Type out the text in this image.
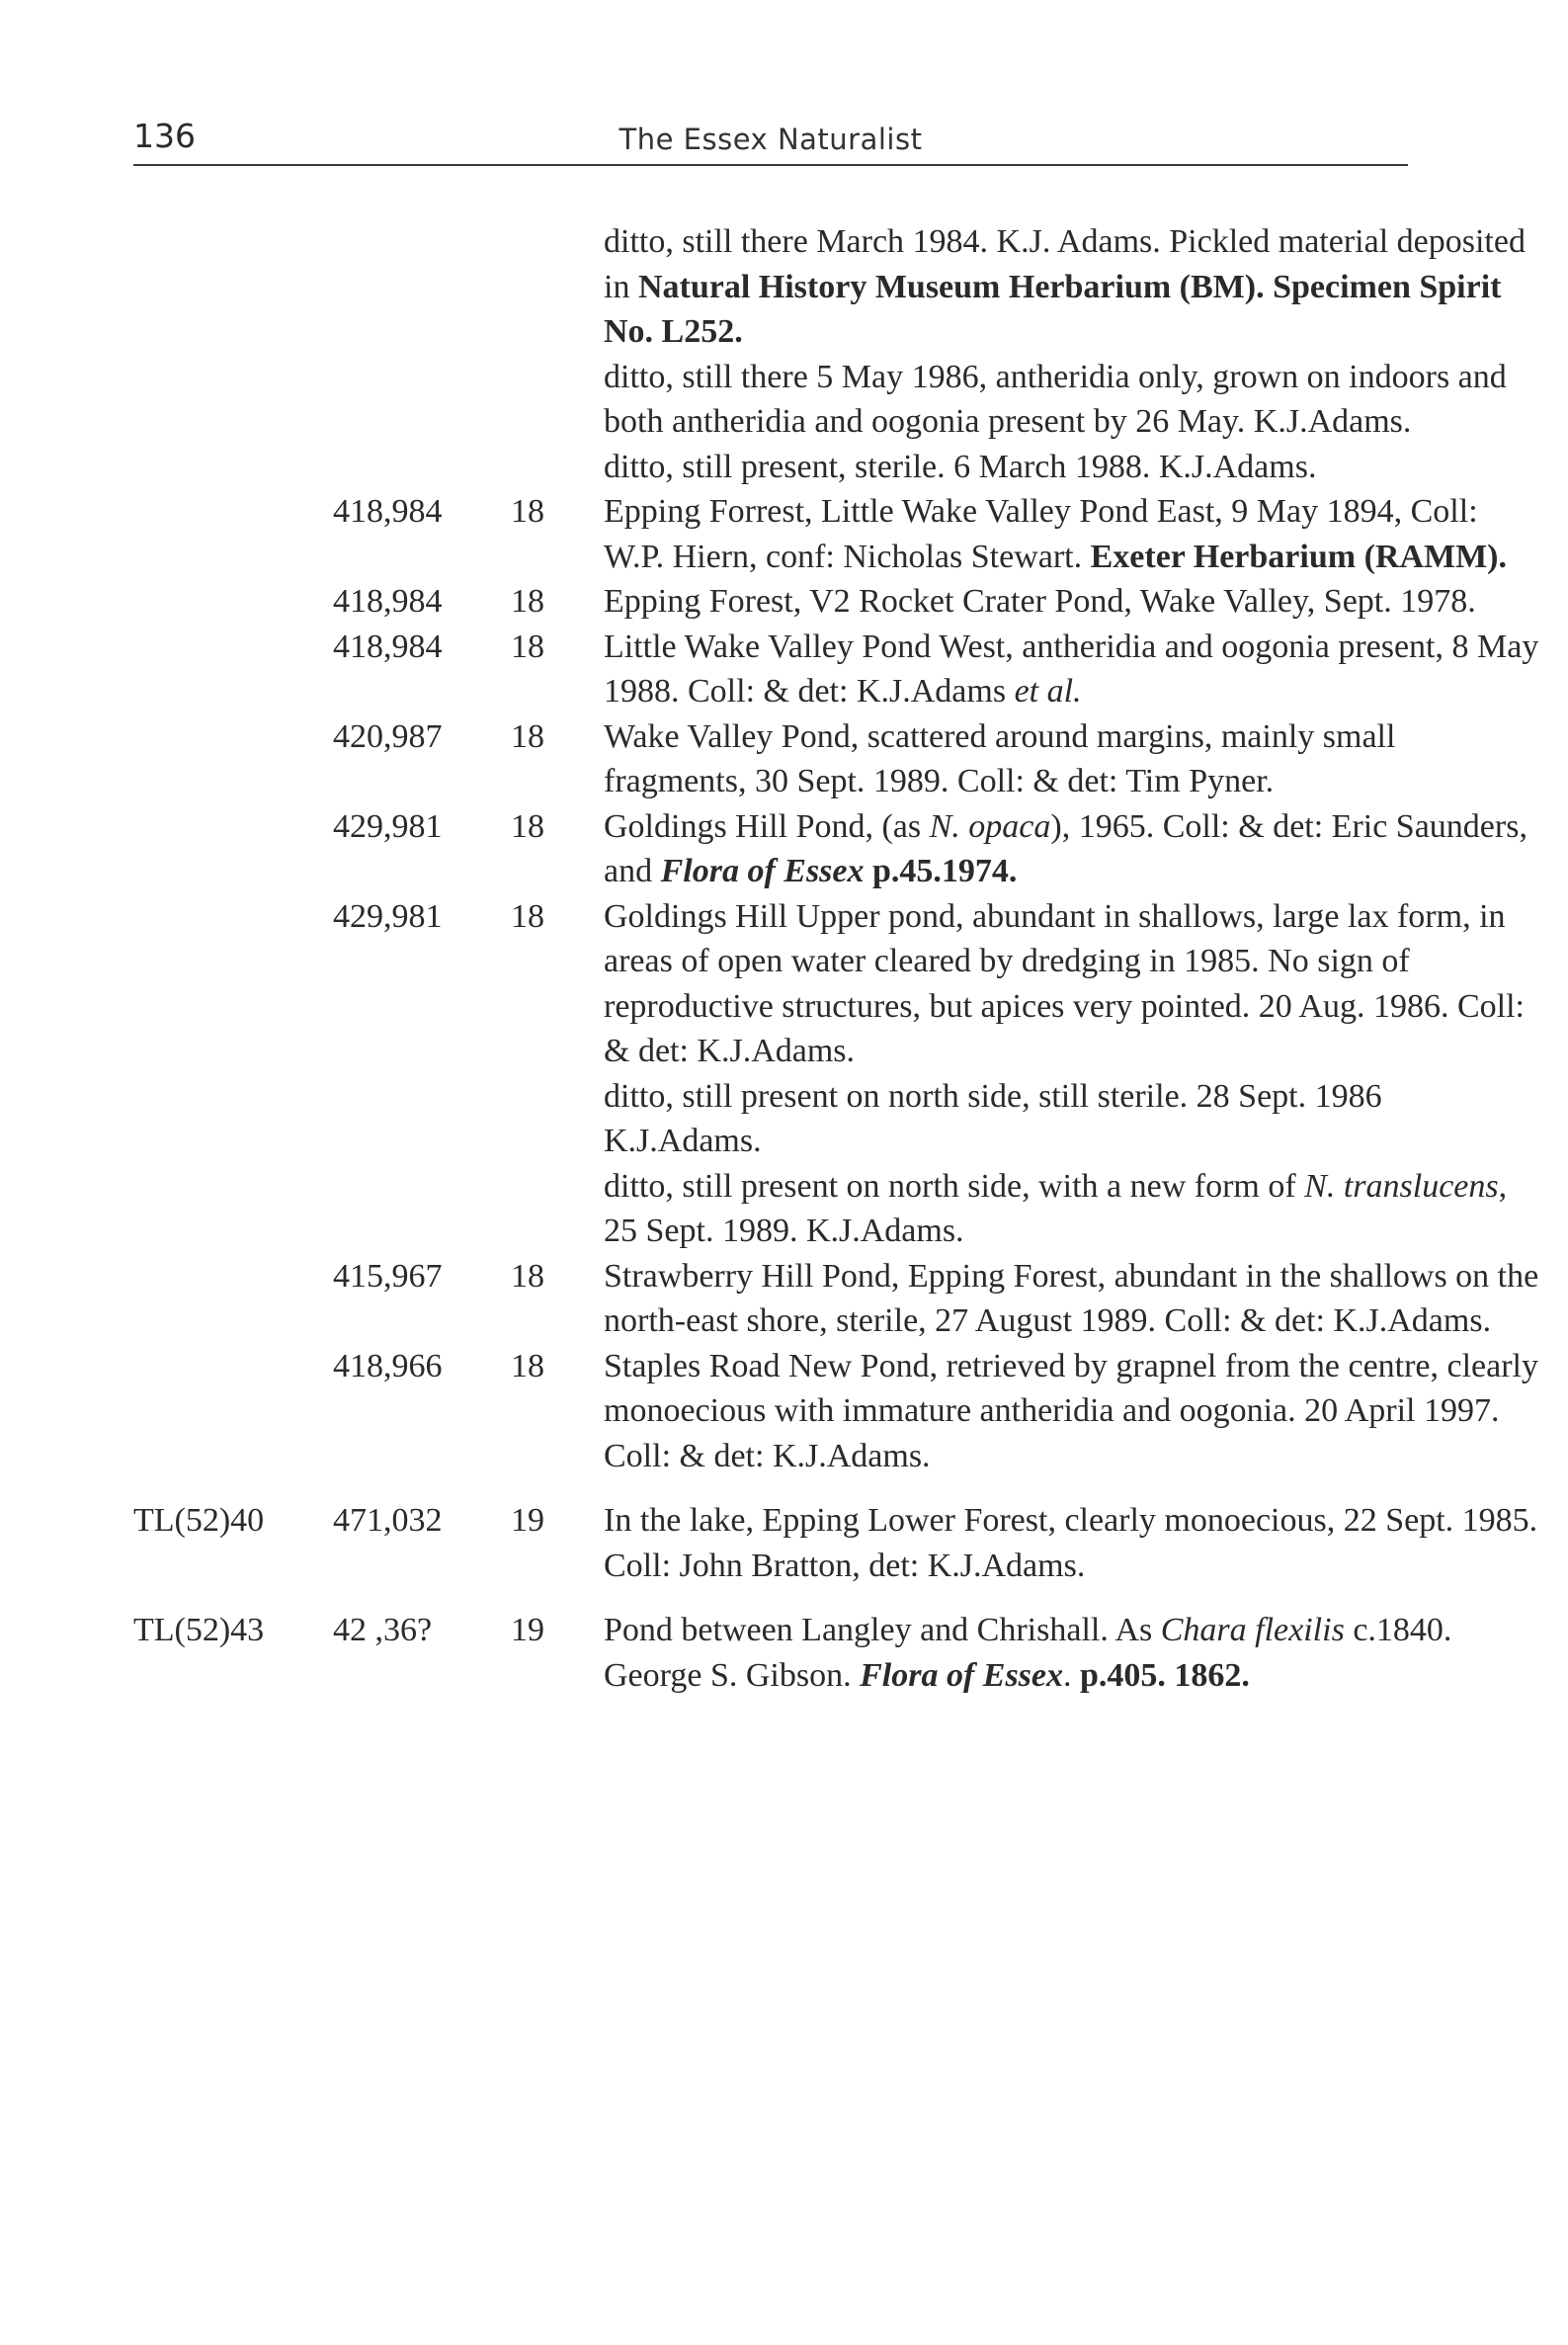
136	The Essex Naturalist
ditto, still there March 1984. K.J. Adams. Pickled material deposited in Natural History Museum Herbarium (BM). Specimen Spirit No. L252.
ditto, still there 5 May 1986, antheridia only, grown on indoors and both antheridia and oogonia present by 26 May. K.J.Adams.
ditto, still present, sterile. 6 March 1988. K.J.Adams.
418,984	18	Epping Forrest, Little Wake Valley Pond East, 9 May 1894, Coll: W.P. Hiern, conf: Nicholas Stewart. Exeter Herbarium (RAMM).
418,984	18	Epping Forest, V2 Rocket Crater Pond, Wake Valley, Sept. 1978.
418,984	18	Little Wake Valley Pond West, antheridia and oogonia present, 8 May 1988. Coll: & det: K.J.Adams et al.
420,987	18	Wake Valley Pond, scattered around margins, mainly small fragments, 30 Sept. 1989. Coll: & det: Tim Pyner.
429,981	18	Goldings Hill Pond, (as N. opaca), 1965. Coll: & det: Eric Saunders, and Flora of Essex p.45.1974.
429,981	18	Goldings Hill Upper pond, abundant in shallows, large lax form, in areas of open water cleared by dredging in 1985. No sign of reproductive structures, but apices very pointed. 20 Aug. 1986. Coll: & det: K.J.Adams.
ditto, still present on north side, still sterile. 28 Sept. 1986 K.J.Adams.
ditto, still present on north side, with a new form of N. translucens, 25 Sept. 1989. K.J.Adams.
415,967	18	Strawberry Hill Pond, Epping Forest, abundant in the shallows on the north-east shore, sterile, 27 August 1989. Coll: & det: K.J.Adams.
418,966	18	Staples Road New Pond, retrieved by grapnel from the centre, clearly monoecious with immature antheridia and oogonia. 20 April 1997. Coll: & det: K.J.Adams.
TL(52)40	471,032	19	In the lake, Epping Lower Forest, clearly monoecious, 22 Sept. 1985.
Coll: John Bratton, det: K.J.Adams.
TL(52)43	42 ,36?	19	Pond between Langley and Chrishall. As Chara flexilis c.1840.
George S. Gibson. Flora of Essex. p.405. 1862.
